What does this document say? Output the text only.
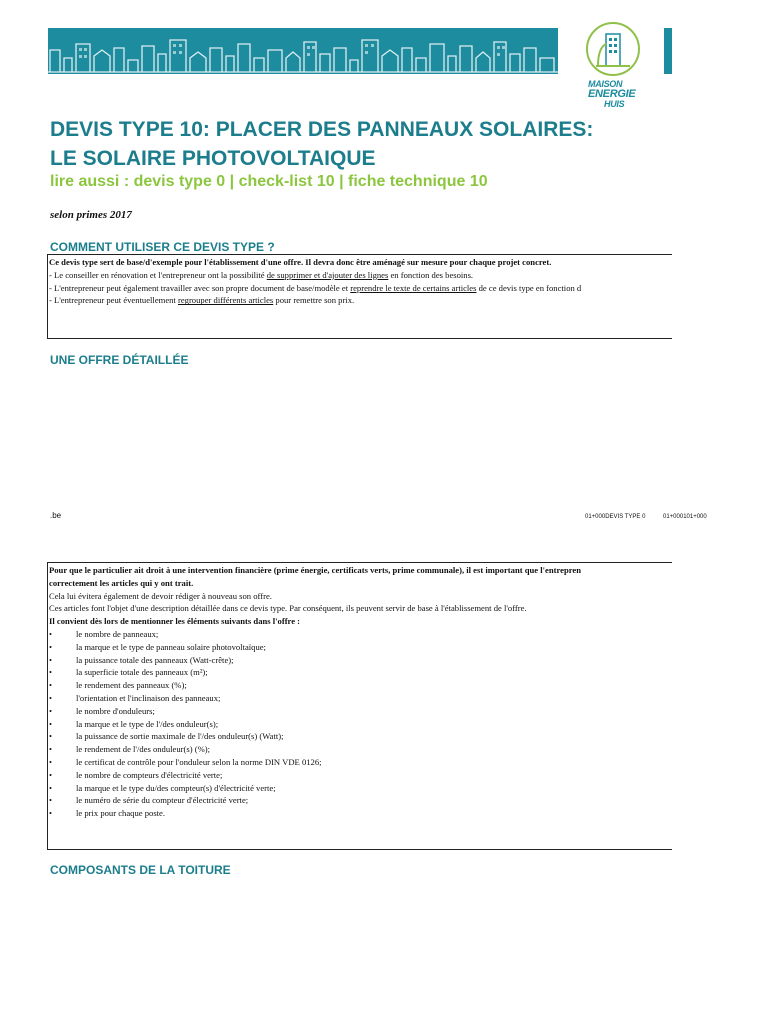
MAISON
ENERGIE
HUIS
DEVIS TYPE 10: PLACER DES PANNEAUX SOLAIRES: LE SOLAIRE PHOTOVOLTAIQUE

lire aussi : devis type 0 | check-list 10 | fiche technique 10

selon primes 2017

COMMENT UTILISER CE DEVIS TYPE ?

Ce devis type sert de base/d'exemple pour l'établissement d'une offre. Il devra donc être aménagé sur mesure pour chaque projet concret.

- Le conseiller en rénovation et l'entrepreneur ont la possibilité de supprimer et d'ajouter des lignes en fonction des besoins.

- L'entrepreneur peut également travailler avec son propre document de base/modèle et reprendre le texte de certains articles de ce devis type en fonction d

- L'entrepreneur peut éventuellement regrouper différents articles pour remettre son prix.

UNE OFFRE DÉTAILLÉE

.be	01+000DEVIS TYPE 0	01+000101+000

Pour que le particulier ait droit à une intervention financière (prime énergie, certificats verts, prime communale), il est important que l'entrepren

correctement les articles qui y ont trait.

Cela lui évitera également de devoir rédiger à nouveau son offre.

Ces articles font l'objet d'une description détaillée dans ce devis type. Par conséquent, ils peuvent servir de base à l'établissement de l'offre.

Il convient dès lors de mentionner les éléments suivants dans l'offre :

• le nombre de panneaux;
• la marque et le type de panneau solaire photovoltaïque;
• la puissance totale des panneaux (Watt-crête);
• la superficie totale des panneaux (m²);
• le rendement des panneaux (%);
• l'orientation et l'inclinaison des panneaux;
• le nombre d'onduleurs;
• la marque et le type de l'/des onduleur(s);
• la puissance de sortie maximale de l'/des onduleur(s) (Watt);
• le rendement de l'/des onduleur(s) (%);
• le certificat de contrôle pour l'onduleur selon la norme DIN VDE 0126;
• le nombre de compteurs d'électricité verte;
• la marque et le type du/des compteur(s) d'électricité verte;
• le numéro de série du compteur d'électricité verte;
• le prix pour chaque poste.

COMPOSANTS DE LA TOITURE
